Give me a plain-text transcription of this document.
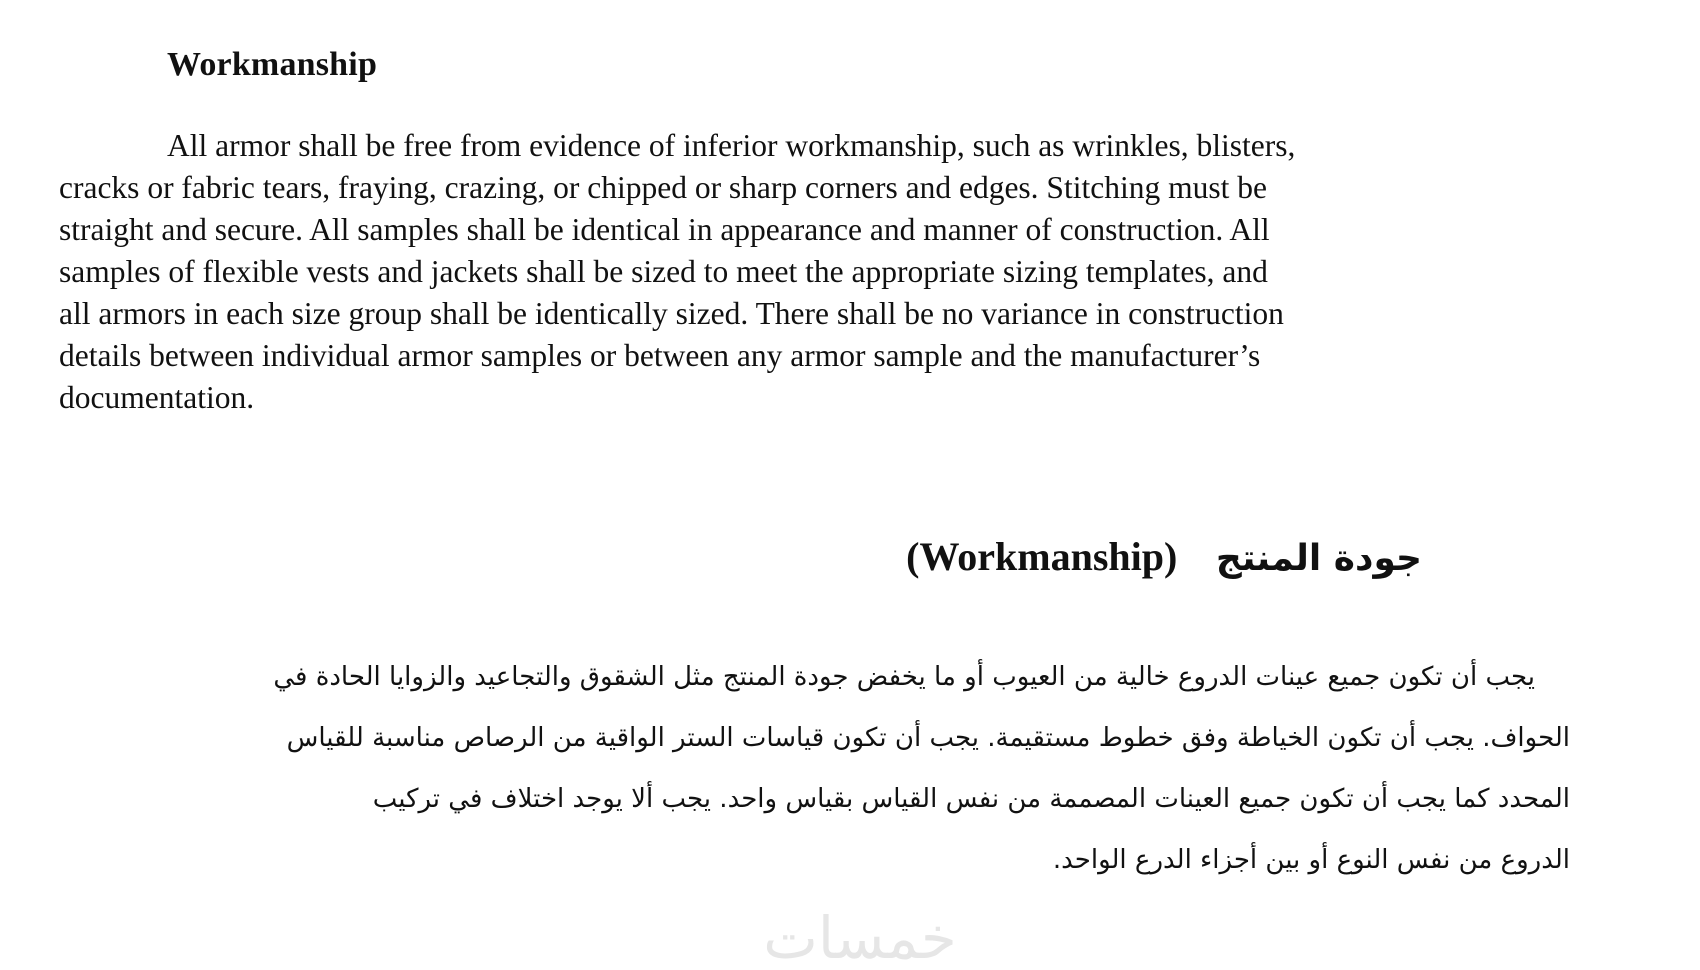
Workmanship
All armor shall be free from evidence of inferior workmanship, such as wrinkles, blisters,
cracks or fabric tears, fraying, crazing, or chipped or sharp corners and edges. Stitching must be
straight and secure. All samples shall be identical in appearance and manner of construction. All
samples of flexible vests and jackets shall be sized to meet the appropriate sizing templates, and
all armors in each size group shall be identically sized. There shall be no variance in construction
details between individual armor samples or between any armor sample and the manufacturer’s
documentation.
جودة المنتج (Workmanship)
يجب أن تكون جميع عينات الدروع خالية من العيوب أو ما يخفض جودة المنتج مثل الشقوق والتجاعيد والزوايا الحادة في
الحواف. يجب أن تكون الخياطة وفق خطوط مستقيمة. يجب أن تكون قياسات الستر الواقية من الرصاص مناسبة للقياس
المحدد كما يجب أن تكون جميع العينات المصممة من نفس القياس بقياس واحد. يجب ألا يوجد اختلاف في تركيب
الدروع من نفس النوع أو بين أجزاء الدرع الواحد.
خمسات
